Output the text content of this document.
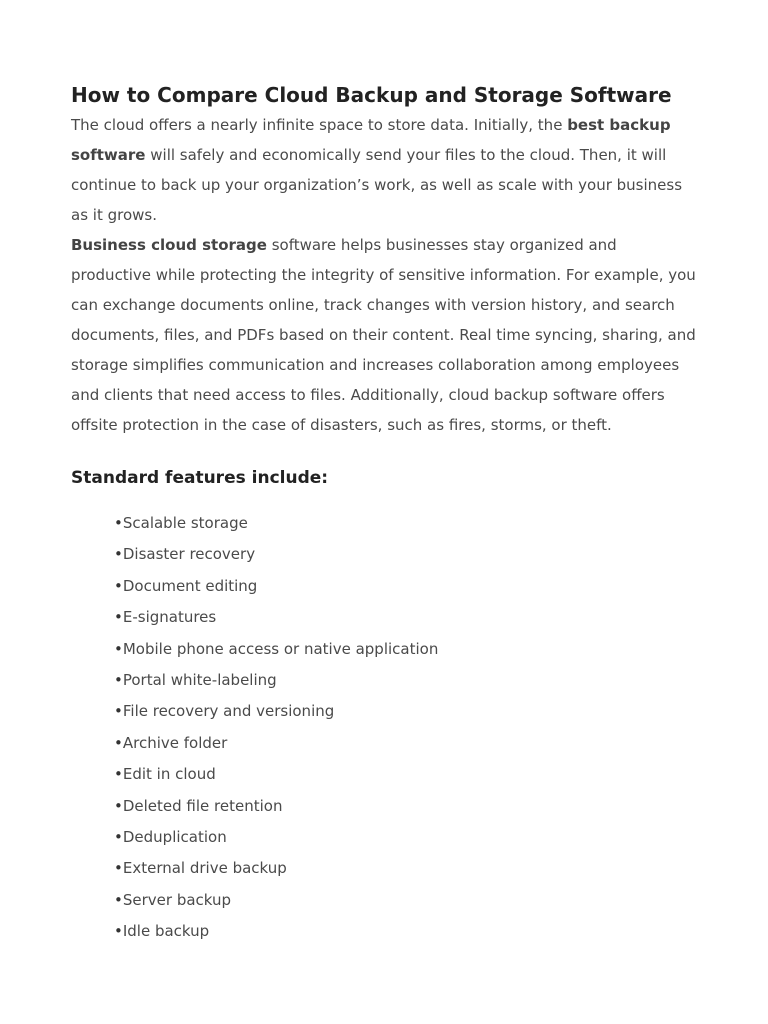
How to Compare Cloud Backup and Storage Software

The cloud offers a nearly infinite space to store data. Initially, the best backup software will safely and economically send your files to the cloud. Then, it will continue to back up your organization’s work, as well as scale with your business as it grows.

Business cloud storage software helps businesses stay organized and productive while protecting the integrity of sensitive information. For example, you can exchange documents online, track changes with version history, and search documents, files, and PDFs based on their content. Real time syncing, sharing, and storage simplifies communication and increases collaboration among employees and clients that need access to files. Additionally, cloud backup software offers offsite protection in the case of disasters, such as fires, storms, or theft.

Standard features include:
•Scalable storage
•Disaster recovery
•Document editing
•E-signatures
•Mobile phone access or native application
•Portal white-labeling
•File recovery and versioning
•Archive folder
•Edit in cloud
•Deleted file retention
•Deduplication
•External drive backup
•Server backup
•Idle backup
